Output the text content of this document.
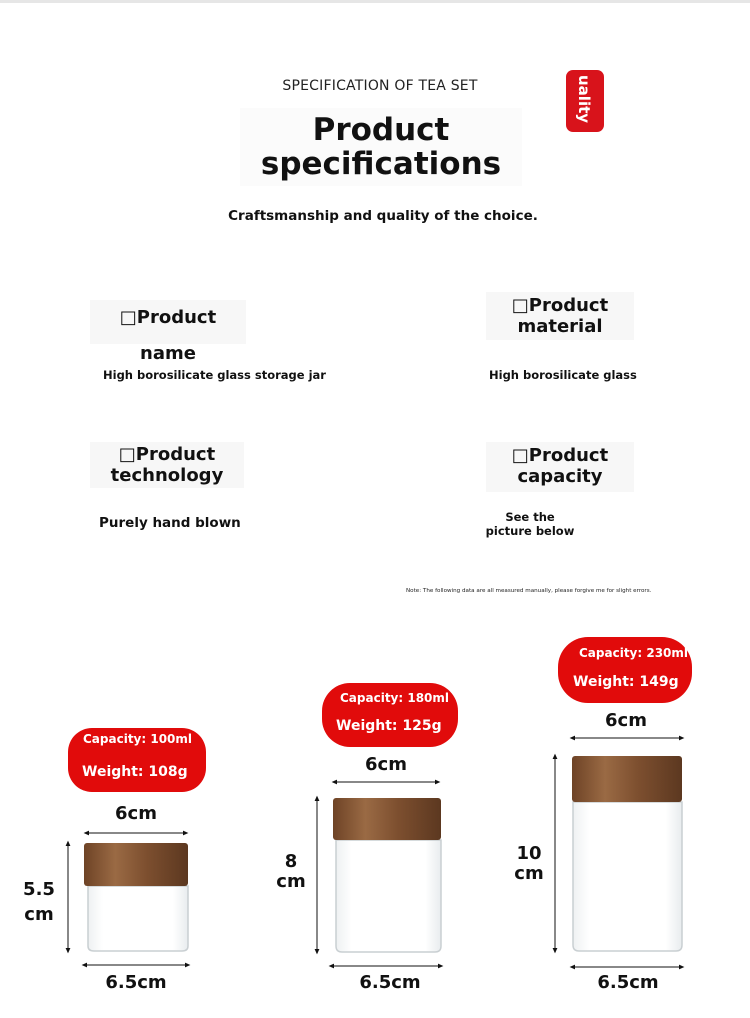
SPECIFICATION OF TEA SET
Product
specifications
uality
Craftsmanship and quality of the choice.
□Product name
High borosilicate glass storage jar
□Product
material
High borosilicate glass
□Product
technology
Purely hand blown
□Product
capacity
See the
picture below
Note: The following data are all measured manually, please forgive me for slight errors.
Capacity: 100ml
Weight: 108g
Capacity: 180ml
Weight: 125g
Capacity: 230ml
Weight: 149g
6cm
5.5
cm
6.5cm
6cm
8
cm
6.5cm
6cm
10
cm
6.5cm
